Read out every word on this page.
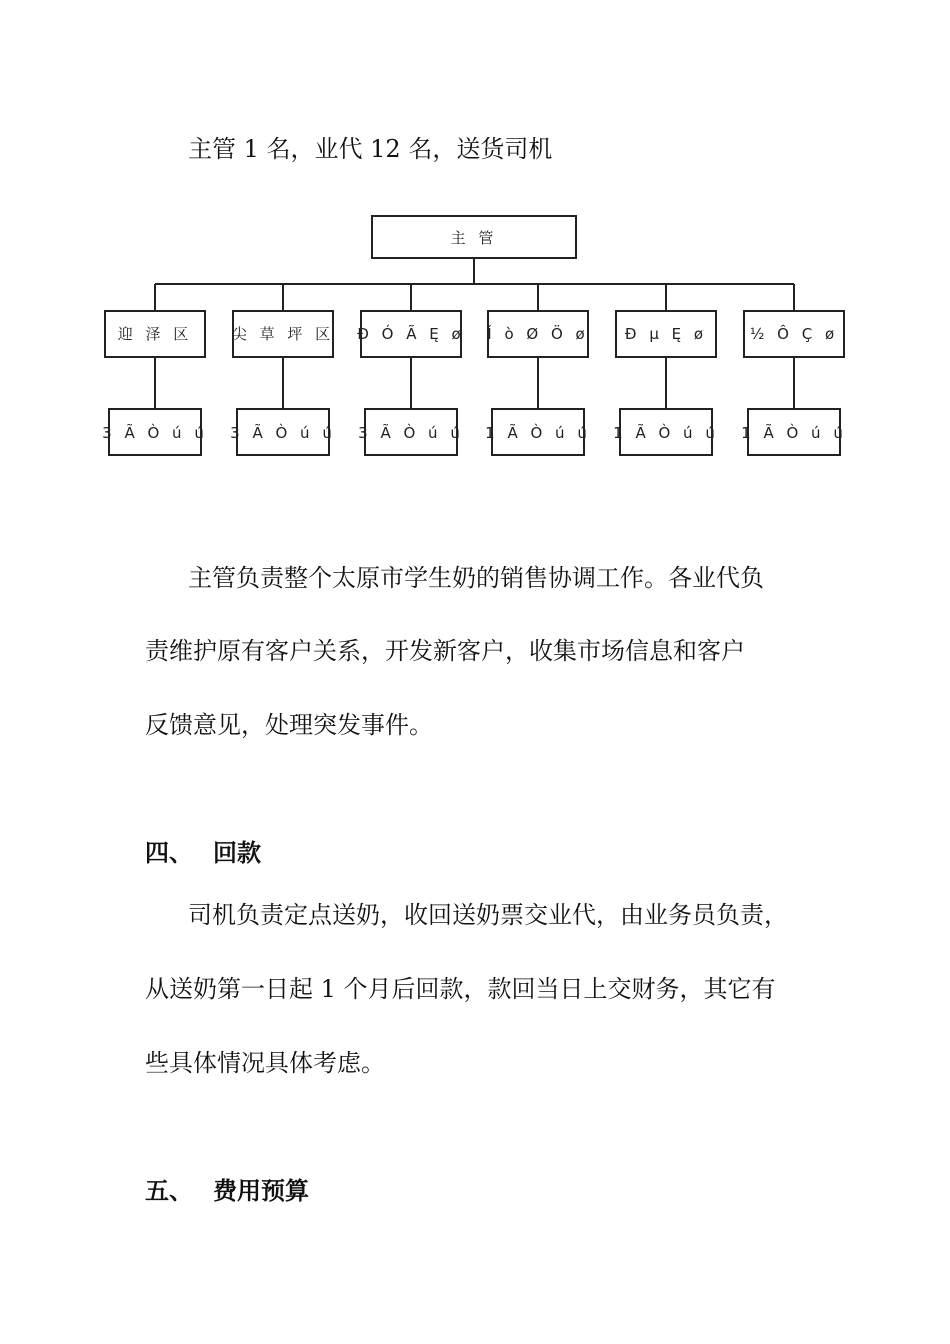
主管 1 名，业代 12 名，送货司机
主 管
迎 泽 区
3 Ã Ò ú ú
尖 草 坪 区
3 Ã Ò ú ú
Ð Ó Ã Ę ø
3 Ã Ò ú ú
Í ò Ø Ö ø
1 Ã Ò ú ú
Ð µ Ę ø
1 Ã Ò ú ú
½ Ô Ç ø
1 Ã Ò ú ú
主管负责整个太原市学生奶的销售协调工作。各业代负
责维护原有客户关系，开发新客户，收集市场信息和客户
反馈意见，处理突发事件。
四、 回款
司机负责定点送奶，收回送奶票交业代，由业务员负责，
从送奶第一日起 1 个月后回款，款回当日上交财务，其它有
些具体情况具体考虑。
五、 费用预算
